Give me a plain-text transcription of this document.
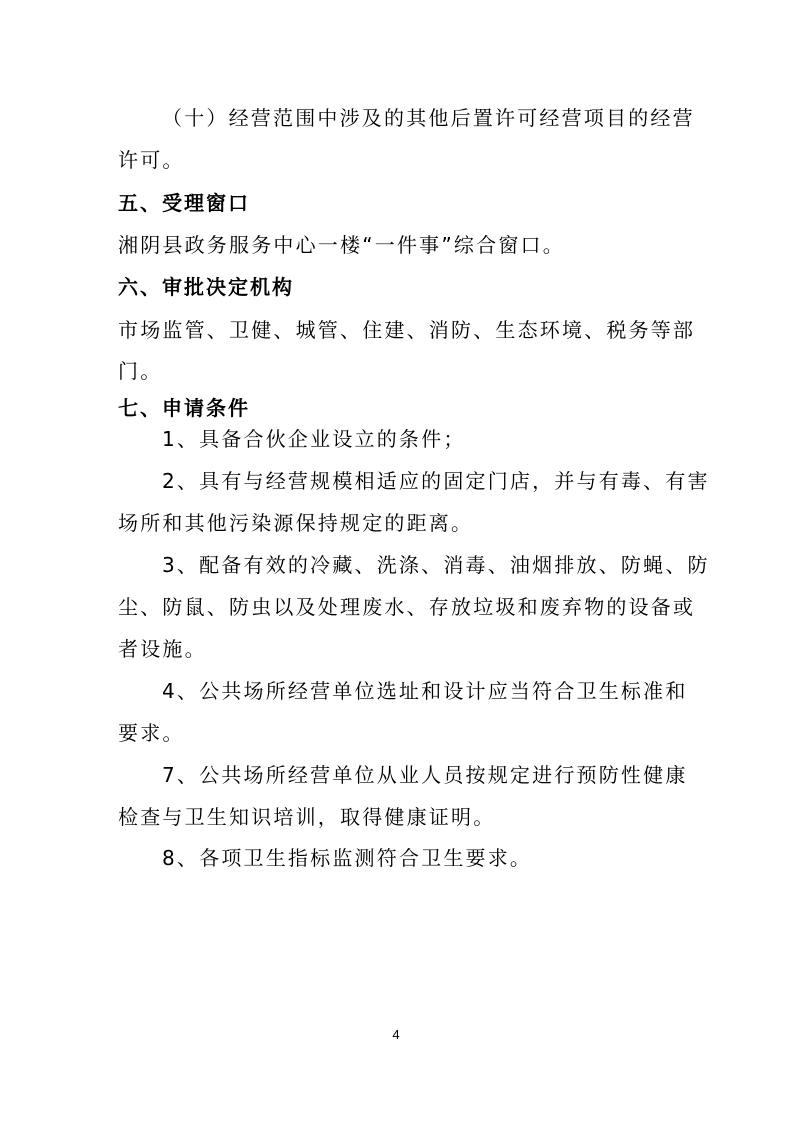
（十）经营范围中涉及的其他后置许可经营项目的经营
许可。
五、受理窗口
湘阴县政务服务中心一楼“一件事”综合窗口。
六、审批决定机构
市场监管、卫健、城管、住建、消防、生态环境、税务等部
门。
七、申请条件
1、具备合伙企业设立的条件；
2、具有与经营规模相适应的固定门店，并与有毒、有害
场所和其他污染源保持规定的距离。
3、配备有效的冷藏、洗涤、消毒、油烟排放、防蝇、防
尘、防鼠、防虫以及处理废水、存放垃圾和废弃物的设备或
者设施。
4、公共场所经营单位选址和设计应当符合卫生标准和
要求。
7、公共场所经营单位从业人员按规定进行预防性健康
检查与卫生知识培训，取得健康证明。
8、各项卫生指标监测符合卫生要求。
4
